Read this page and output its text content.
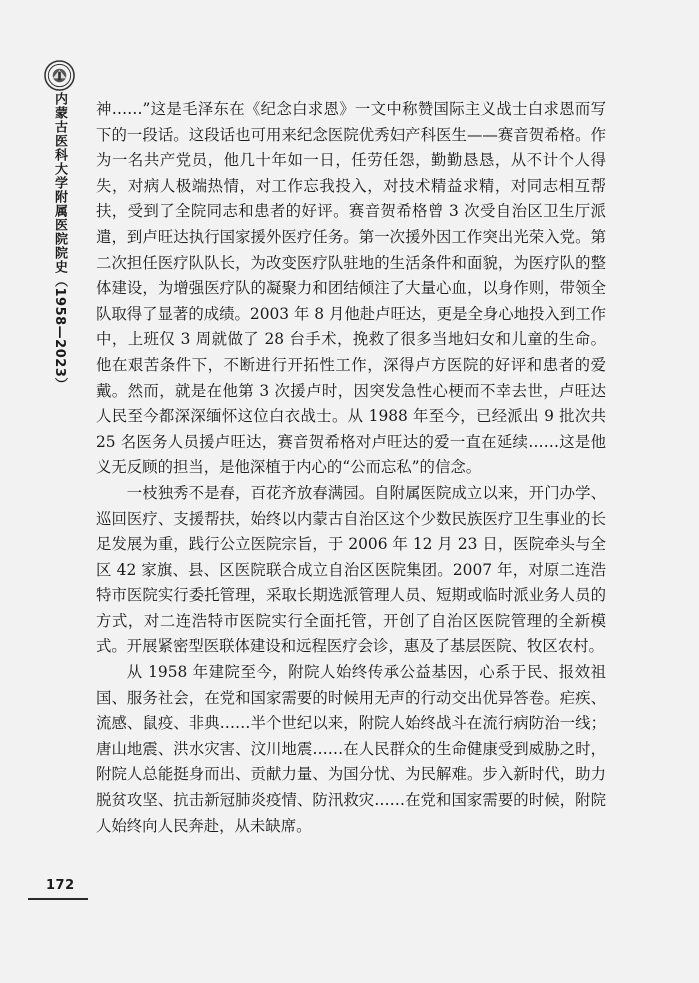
内蒙古医科大学附属医院院史（1958—2023）

神……”这是毛泽东在《纪念白求恩》一文中称赞国际主义战士白求恩而写下的一段话。这段话也可用来纪念医院优秀妇产科医生——赛音贺希格。作为一名共产党员，他几十年如一日，任劳任怨，勤勤恳恳，从不计个人得失，对病人极端热情，对工作忘我投入，对技术精益求精，对同志相互帮扶，受到了全院同志和患者的好评。赛音贺希格曾 3 次受自治区卫生厅派遣，到卢旺达执行国家援外医疗任务。第一次援外因工作突出光荣入党。第二次担任医疗队队长，为改变医疗队驻地的生活条件和面貌，为医疗队的整体建设，为增强医疗队的凝聚力和团结倾注了大量心血，以身作则，带领全队取得了显著的成绩。2003 年 8 月他赴卢旺达，更是全身心地投入到工作中，上班仅 3 周就做了 28 台手术，挽救了很多当地妇女和儿童的生命。他在艰苦条件下，不断进行开拓性工作，深得卢方医院的好评和患者的爱戴。然而，就是在他第 3 次援卢时，因突发急性心梗而不幸去世，卢旺达人民至今都深深缅怀这位白衣战士。从 1988 年至今，已经派出 9 批次共 25 名医务人员援卢旺达，赛音贺希格对卢旺达的爱一直在延续……这是他义无反顾的担当，是他深植于内心的“公而忘私”的信念。

一枝独秀不是春，百花齐放春满园。自附属医院成立以来，开门办学、巡回医疗、支援帮扶，始终以内蒙古自治区这个少数民族医疗卫生事业的长足发展为重，践行公立医院宗旨，于 2006 年 12 月 23 日，医院牵头与全区 42 家旗、县、区医院联合成立自治区医院集团。2007 年，对原二连浩特市医院实行委托管理，采取长期选派管理人员、短期或临时派业务人员的方式，对二连浩特市医院实行全面托管，开创了自治区医院管理的全新模式。开展紧密型医联体建设和远程医疗会诊，惠及了基层医院、牧区农村。

从 1958 年建院至今，附院人始终传承公益基因，心系于民、报效祖国、服务社会，在党和国家需要的时候用无声的行动交出优异答卷。疟疾、流感、鼠疫、非典……半个世纪以来，附院人始终战斗在流行病防治一线；唐山地震、洪水灾害、汶川地震……在人民群众的生命健康受到威胁之时，附院人总能挺身而出、贡献力量、为国分忧、为民解难。步入新时代，助力脱贫攻坚、抗击新冠肺炎疫情、防汛救灾……在党和国家需要的时候，附院人始终向人民奔赴，从未缺席。

172
